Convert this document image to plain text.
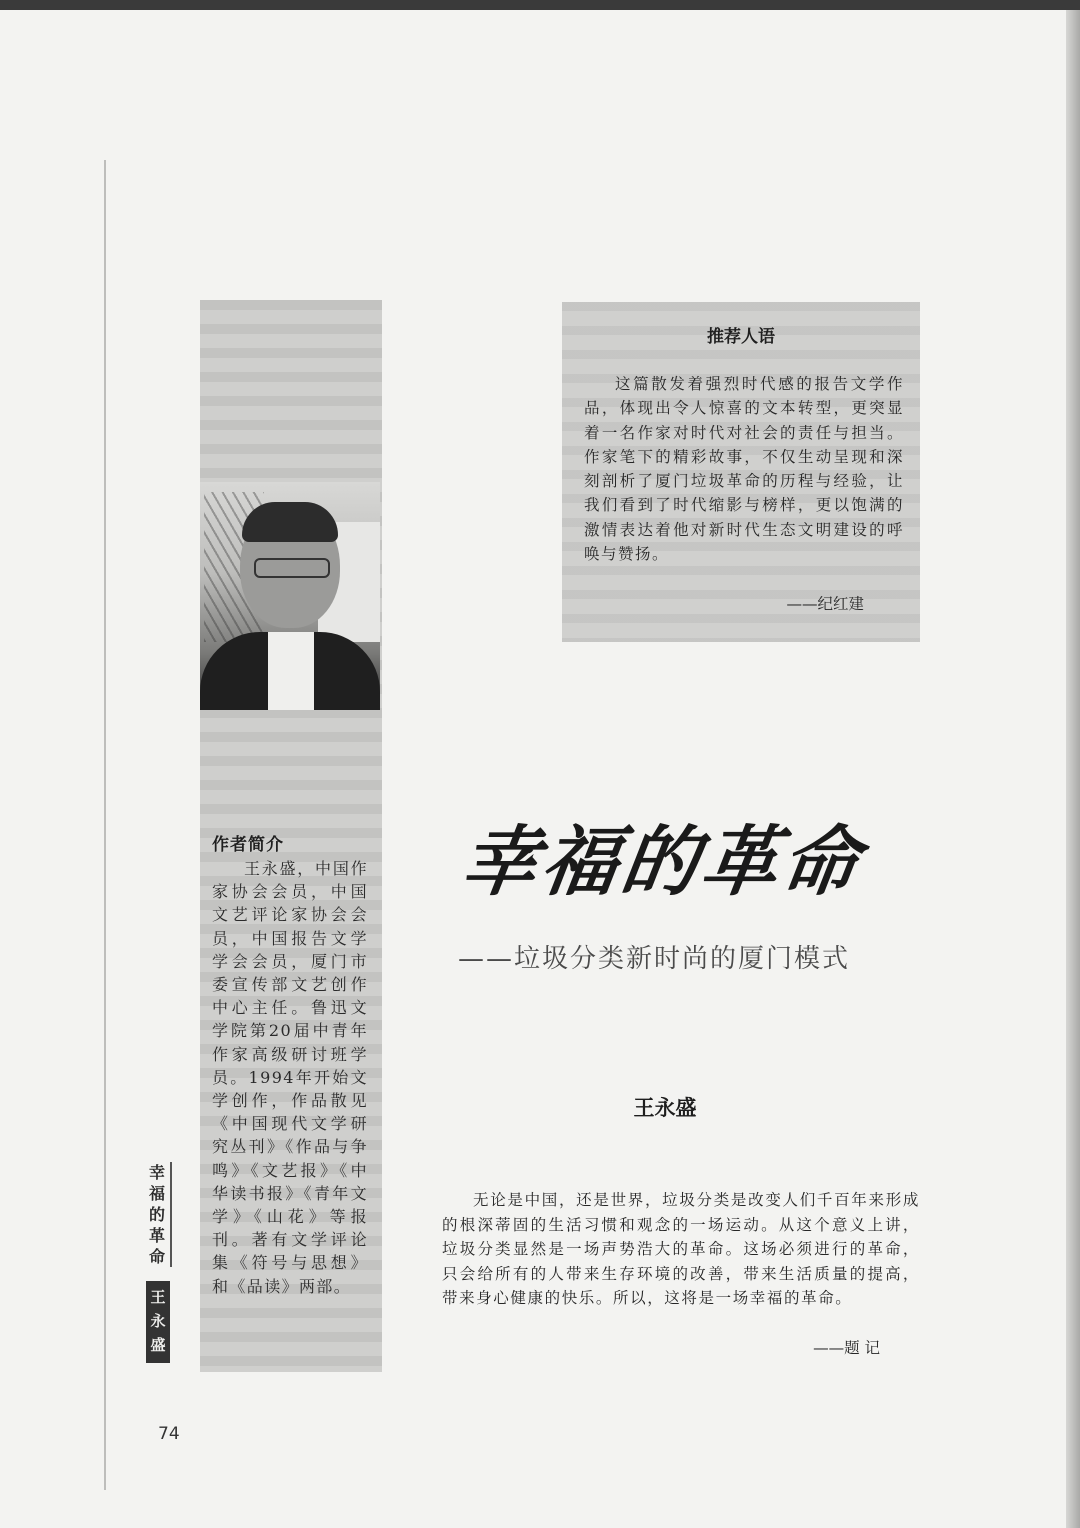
作者简介

王永盛，中国作家协会会员，中国文艺评论家协会会员，中国报告文学学会会员，厦门市委宣传部文艺创作中心主任。鲁迅文学院第20届中青年作家高级研讨班学员。1994年开始文学创作，作品散见《中国现代文学研究丛刊》《作品与争鸣》《文艺报》《中华读书报》《青年文学》《山花》等报刊。著有文学评论集《符号与思想》和《品读》两部。

推荐人语

这篇散发着强烈时代感的报告文学作品，体现出令人惊喜的文本转型，更突显着一名作家对时代对社会的责任与担当。作家笔下的精彩故事，不仅生动呈现和深刻剖析了厦门垃圾革命的历程与经验，让我们看到了时代缩影与榜样，更以饱满的激情表达着他对新时代生态文明建设的呼唤与赞扬。

——纪红建
幸福的革命
——垃圾分类新时尚的厦门模式
王永盛

无论是中国，还是世界，垃圾分类是改变人们千百年来形成的根深蒂固的生活习惯和观念的一场运动。从这个意义上讲，垃圾分类显然是一场声势浩大的革命。这场必须进行的革命，只会给所有的人带来生存环境的改善，带来生活质量的提高，带来身心健康的快乐。所以，这将是一场幸福的革命。

——题 记
幸
福
的
革
命
王
永
盛
74
